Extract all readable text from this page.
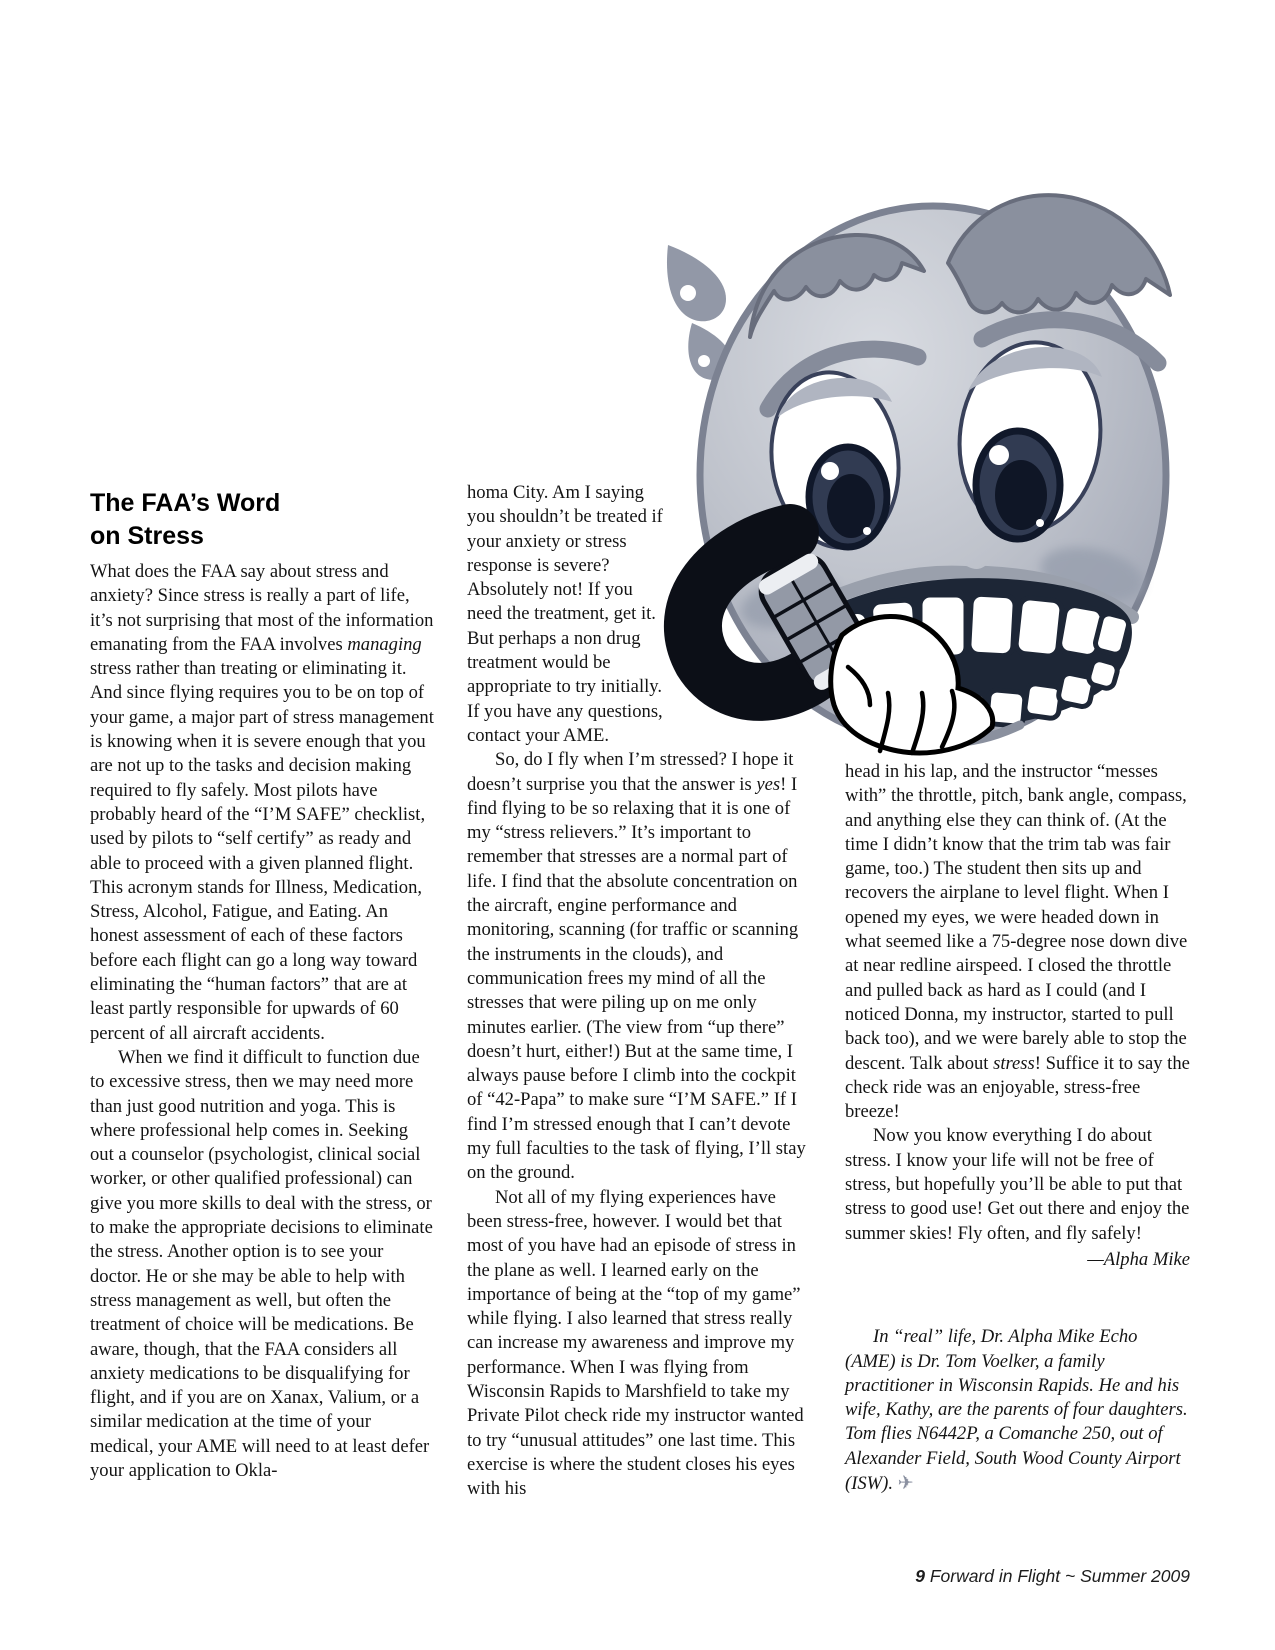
The FAA’s Word
on Stress

What does the FAA say about stress and anxiety? Since stress is really a part of life, it’s not surprising that most of the information emanating from the FAA involves managing stress rather than treating or eliminating it. And since flying requires you to be on top of your game, a major part of stress management is knowing when it is severe enough that you are not up to the tasks and decision making required to fly safely. Most pilots have probably heard of the “I’M SAFE” checklist, used by pilots to “self certify” as ready and able to proceed with a given planned flight. This acronym stands for Illness, Medication, Stress, Alcohol, Fatigue, and Eating. An honest assessment of each of these factors before each flight can go a long way toward eliminating the “human factors” that are at least partly responsible for upwards of 60 percent of all aircraft accidents.

When we find it difficult to function due to excessive stress, then we may need more than just good nutrition and yoga. This is where professional help comes in. Seeking out a counselor (psychologist, clinical social worker, or other qualified professional) can give you more skills to deal with the stress, or to make the appropriate decisions to eliminate the stress. Another option is to see your doctor. He or she may be able to help with stress management as well, but often the treatment of choice will be medications. Be aware, though, that the FAA considers all anxiety medications to be disqualifying for flight, and if you are on Xanax, Valium, or a similar medication at the time of your medical, your AME will need to at least defer your application to Okla-

homa City. Am I saying you shouldn’t be treated if your anxiety or stress response is severe? Absolutely not! If you need the treatment, get it. But perhaps a non drug treatment would be appropriate to try initially. If you have any questions, contact your AME.

So, do I fly when I’m stressed? I hope it doesn’t surprise you that the answer is yes! I find flying to be so relaxing that it is one of my “stress relievers.” It’s important to remember that stresses are a normal part of life. I find that the absolute concentration on the aircraft, engine performance and monitoring, scanning (for traffic or scanning the instruments in the clouds), and communication frees my mind of all the stresses that were piling up on me only minutes earlier. (The view from “up there” doesn’t hurt, either!) But at the same time, I always pause before I climb into the cockpit of “42-Papa” to make sure “I’M SAFE.” If I find I’m stressed enough that I can’t devote my full faculties to the task of flying, I’ll stay on the ground.

Not all of my flying experiences have been stress-free, however. I would bet that most of you have had an episode of stress in the plane as well. I learned early on the importance of being at the “top of my game” while flying. I also learned that stress really can increase my awareness and improve my performance. When I was flying from Wisconsin Rapids to Marshfield to take my Private Pilot check ride my instructor wanted to try “unusual attitudes” one last time. This exercise is where the student closes his eyes with his

head in his lap, and the instructor “messes with” the throttle, pitch, bank angle, compass, and anything else they can think of. (At the time I didn’t know that the trim tab was fair game, too.) The student then sits up and recovers the airplane to level flight. When I opened my eyes, we were headed down in what seemed like a 75-degree nose down dive at near redline airspeed. I closed the throttle and pulled back as hard as I could (and I noticed Donna, my instructor, started to pull back too), and we were barely able to stop the descent. Talk about stress! Suffice it to say the check ride was an enjoyable, stress-free breeze!

Now you know everything I do about stress. I know your life will not be free of stress, but hopefully you’ll be able to put that stress to good use! Get out there and enjoy the summer skies! Fly often, and fly safely!

—Alpha Mike

In “real” life, Dr. Alpha Mike Echo (AME) is Dr. Tom Voelker, a family practitioner in Wisconsin Rapids. He and his wife, Kathy, are the parents of four daughters. Tom flies N6442P, a Comanche 250, out of Alexander Field, South Wood County Airport (ISW). ✈

9 Forward in Flight ~ Summer 2009
